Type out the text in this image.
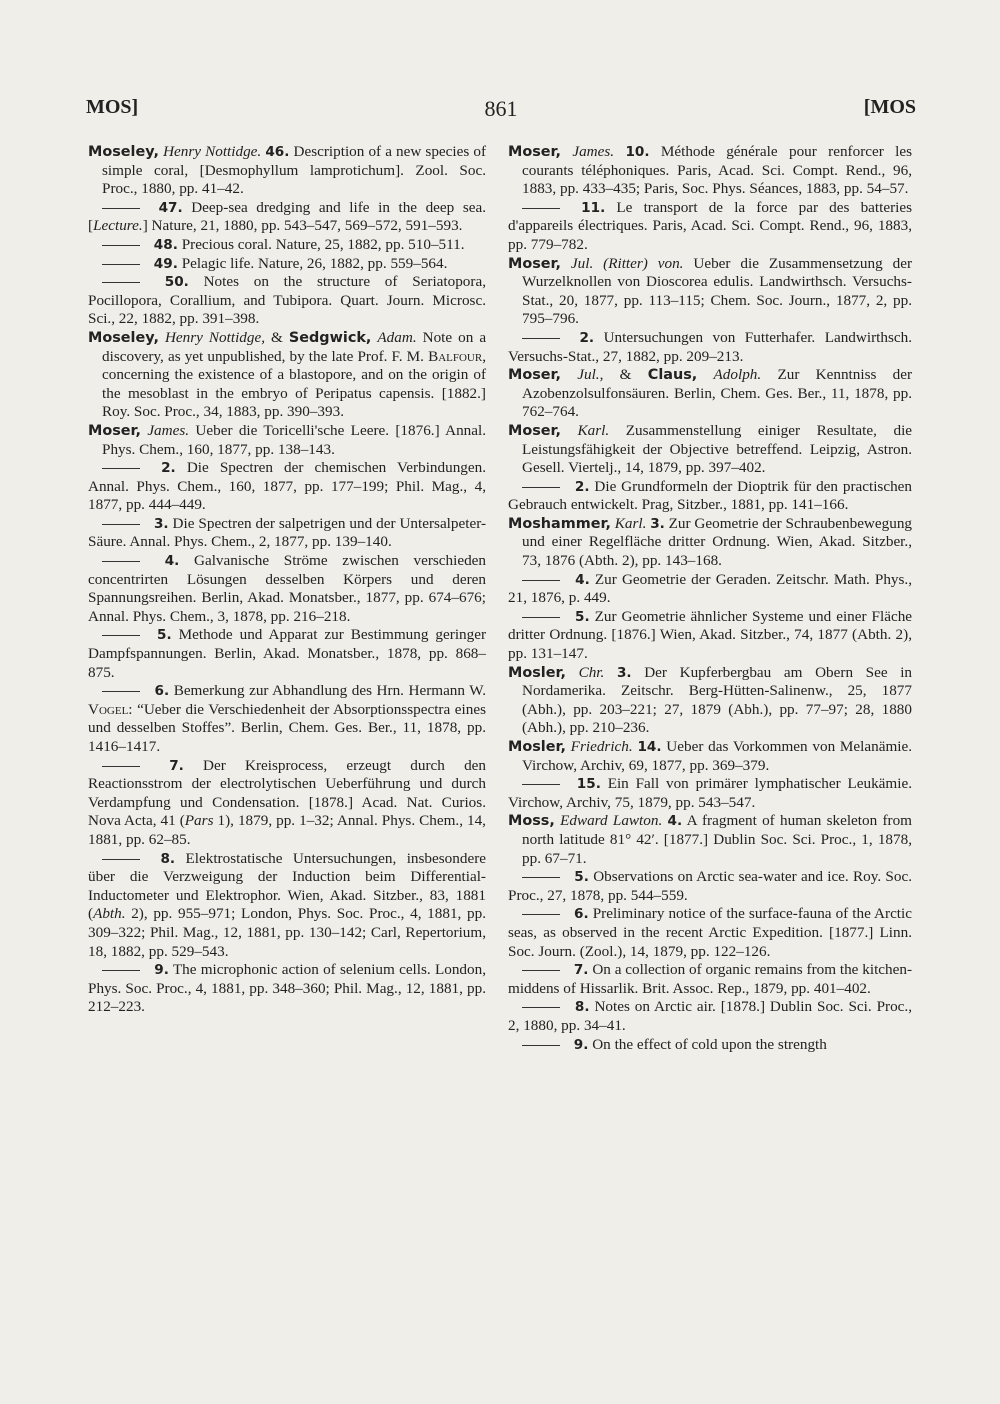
MOS]	861	[MOS

Moseley, Henry Nottidge. 46. Description of a new species of simple coral, [Desmophyllum lamprotichum]. Zool. Soc. Proc., 1880, pp. 41–42.

47. Deep-sea dredging and life in the deep sea. [Lecture.] Nature, 21, 1880, pp. 543–547, 569–572, 591–593.

48. Precious coral. Nature, 25, 1882, pp. 510–511.

49. Pelagic life. Nature, 26, 1882, pp. 559–564.

50. Notes on the structure of Seriatopora, Pocillopora, Corallium, and Tubipora. Quart. Journ. Microsc. Sci., 22, 1882, pp. 391–398.

Moseley, Henry Nottidge, & Sedgwick, Adam. Note on a discovery, as yet unpublished, by the late Prof. F. M. Balfour, concerning the existence of a blastopore, and on the origin of the mesoblast in the embryo of Peripatus capensis. [1882.] Roy. Soc. Proc., 34, 1883, pp. 390–393.

Moser, James. Ueber die Toricelli'sche Leere. [1876.] Annal. Phys. Chem., 160, 1877, pp. 138–143.

2. Die Spectren der chemischen Verbindungen. Annal. Phys. Chem., 160, 1877, pp. 177–199; Phil. Mag., 4, 1877, pp. 444–449.

3. Die Spectren der salpetrigen und der Untersalpeter-Säure. Annal. Phys. Chem., 2, 1877, pp. 139–140.

4. Galvanische Ströme zwischen verschieden concentrirten Lösungen desselben Körpers und deren Spannungsreihen. Berlin, Akad. Monatsber., 1877, pp. 674–676; Annal. Phys. Chem., 3, 1878, pp. 216–218.

5. Methode und Apparat zur Bestimmung geringer Dampfspannungen. Berlin, Akad. Monatsber., 1878, pp. 868–875.

6. Bemerkung zur Abhandlung des Hrn. Hermann W. Vogel: “Ueber die Verschiedenheit der Absorptionsspectra eines und desselben Stoffes”. Berlin, Chem. Ges. Ber., 11, 1878, pp. 1416–1417.

7. Der Kreisprocess, erzeugt durch den Reactionsstrom der electrolytischen Ueberführung und durch Verdampfung und Condensation. [1878.] Acad. Nat. Curios. Nova Acta, 41 (Pars 1), 1879, pp. 1–32; Annal. Phys. Chem., 14, 1881, pp. 62–85.

8. Elektrostatische Untersuchungen, insbesondere über die Verzweigung der Induction beim Differential-Inductometer und Elektrophor. Wien, Akad. Sitzber., 83, 1881 (Abth. 2), pp. 955–971; London, Phys. Soc. Proc., 4, 1881, pp. 309–322; Phil. Mag., 12, 1881, pp. 130–142; Carl, Repertorium, 18, 1882, pp. 529–543.

9. The microphonic action of selenium cells. London, Phys. Soc. Proc., 4, 1881, pp. 348–360; Phil. Mag., 12, 1881, pp. 212–223.

Moser, James. 10. Méthode générale pour renforcer les courants téléphoniques. Paris, Acad. Sci. Compt. Rend., 96, 1883, pp. 433–435; Paris, Soc. Phys. Séances, 1883, pp. 54–57.

11. Le transport de la force par des batteries d'appareils électriques. Paris, Acad. Sci. Compt. Rend., 96, 1883, pp. 779–782.

Moser, Jul. (Ritter) von. Ueber die Zusammensetzung der Wurzelknollen von Dioscorea edulis. Landwirthsch. Versuchs-Stat., 20, 1877, pp. 113–115; Chem. Soc. Journ., 1877, 2, pp. 795–796.

2. Untersuchungen von Futterhafer. Landwirthsch. Versuchs-Stat., 27, 1882, pp. 209–213.

Moser, Jul., & Claus, Adolph. Zur Kenntniss der Azobenzolsulfonsäuren. Berlin, Chem. Ges. Ber., 11, 1878, pp. 762–764.

Moser, Karl. Zusammenstellung einiger Resultate, die Leistungsfähigkeit der Objective betreffend. Leipzig, Astron. Gesell. Viertelj., 14, 1879, pp. 397–402.

2. Die Grundformeln der Dioptrik für den practischen Gebrauch entwickelt. Prag, Sitzber., 1881, pp. 141–166.

Moshammer, Karl. 3. Zur Geometrie der Schraubenbewegung und einer Regelfläche dritter Ordnung. Wien, Akad. Sitzber., 73, 1876 (Abth. 2), pp. 143–168.

4. Zur Geometrie der Geraden. Zeitschr. Math. Phys., 21, 1876, p. 449.

5. Zur Geometrie ähnlicher Systeme und einer Fläche dritter Ordnung. [1876.] Wien, Akad. Sitzber., 74, 1877 (Abth. 2), pp. 131–147.

Mosler, Chr. 3. Der Kupferbergbau am Obern See in Nordamerika. Zeitschr. Berg-Hütten-Salinenw., 25, 1877 (Abh.), pp. 203–221; 27, 1879 (Abh.), pp. 77–97; 28, 1880 (Abh.), pp. 210–236.

Mosler, Friedrich. 14. Ueber das Vorkommen von Melanämie. Virchow, Archiv, 69, 1877, pp. 369–379.

15. Ein Fall von primärer lymphatischer Leukämie. Virchow, Archiv, 75, 1879, pp. 543–547.

Moss, Edward Lawton. 4. A fragment of human skeleton from north latitude 81° 42′. [1877.] Dublin Soc. Sci. Proc., 1, 1878, pp. 67–71.

5. Observations on Arctic sea-water and ice. Roy. Soc. Proc., 27, 1878, pp. 544–559.

6. Preliminary notice of the surface-fauna of the Arctic seas, as observed in the recent Arctic Expedition. [1877.] Linn. Soc. Journ. (Zool.), 14, 1879, pp. 122–126.

7. On a collection of organic remains from the kitchen-middens of Hissarlik. Brit. Assoc. Rep., 1879, pp. 401–402.

8. Notes on Arctic air. [1878.] Dublin Soc. Sci. Proc., 2, 1880, pp. 34–41.

9. On the effect of cold upon the strength
